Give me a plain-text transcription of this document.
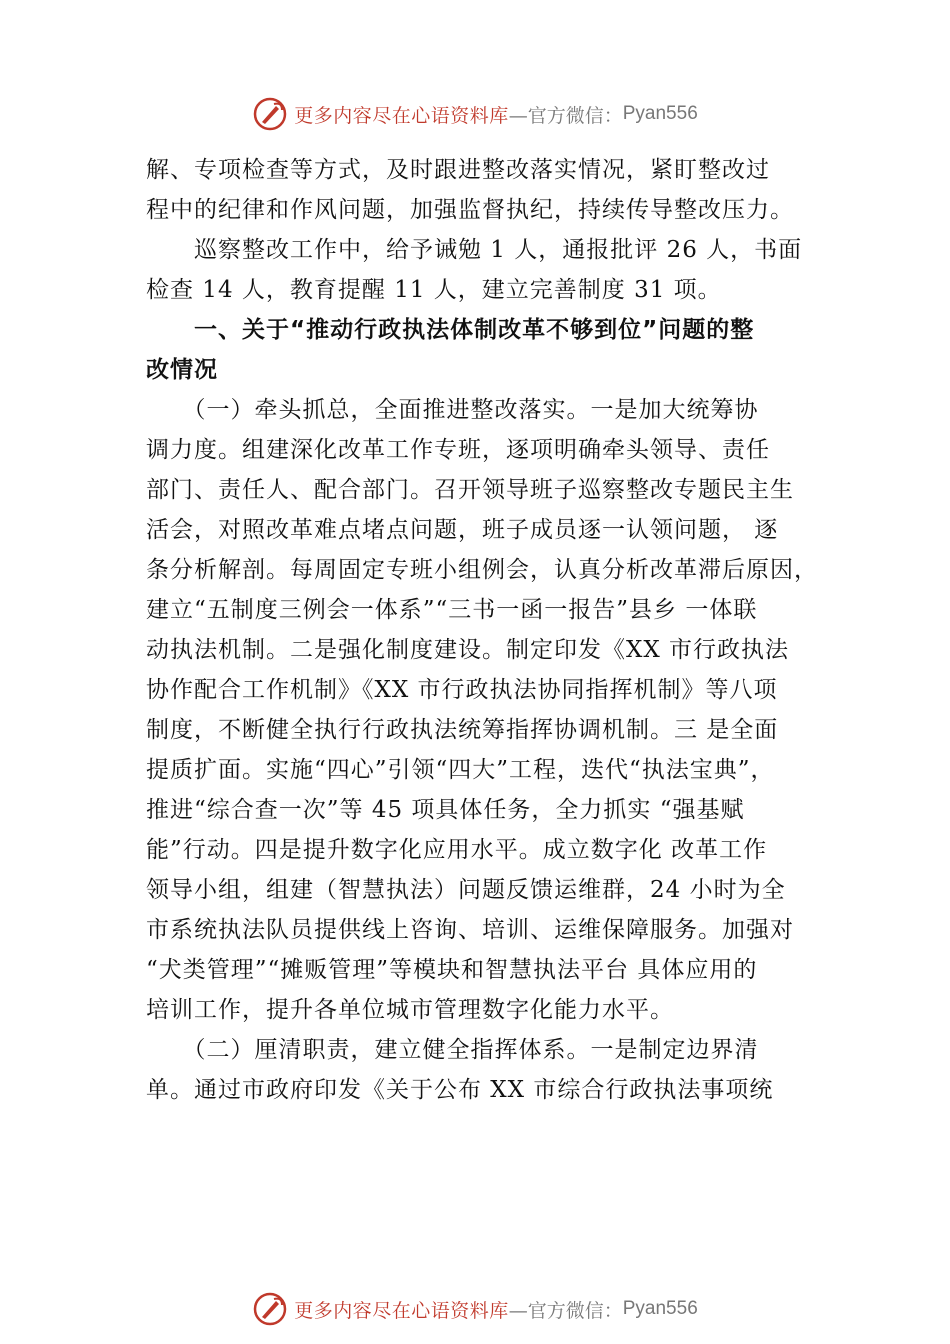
更多内容尽在心语资料库 —官方微信： Pyan556
解、专项检查等方式，及时跟进整改落实情况，紧盯整改过
程中的纪律和作风问题，加强监督执纪，持续传导整改压力。
　　巡察整改工作中，给予诫勉 1 人，通报批评 26 人，书面
检查 14 人，教育提醒 11 人，建立完善制度 31 项。
　　一、关于“推动行政执法体制改革不够到位”问题的整
改情况
　　（一）牵头抓总，全面推进整改落实。一是加大统筹协
调力度。组建深化改革工作专班，逐项明确牵头领导、责任
部门、责任人、配合部门。召开领导班子巡察整改专题民主生
活会，对照改革难点堵点问题，班子成员逐一认领问题， 逐
条分析解剖。每周固定专班小组例会，认真分析改革滞后原因，
建立“五制度三例会一体系”“三书一函一报告”县乡 一体联
动执法机制。二是强化制度建设。制定印发《XX 市行政执法
协作配合工作机制》《XX 市行政执法协同指挥机制》等八项
制度，不断健全执行行政执法统筹指挥协调机制。三 是全面
提质扩面。实施“四心”引领“四大”工程，迭代“执法宝典”，
推进“综合查一次”等 45 项具体任务，全力抓实 “强基赋
能”行动。四是提升数字化应用水平。成立数字化 改革工作
领导小组，组建（智慧执法）问题反馈运维群，24 小时为全
市系统执法队员提供线上咨询、培训、运维保障服务。加强对
“犬类管理”“摊贩管理”等模块和智慧执法平台 具体应用的
培训工作，提升各单位城市管理数字化能力水平。
　　（二）厘清职责，建立健全指挥体系。一是制定边界清
单。通过市政府印发《关于公布 XX 市综合行政执法事项统
更多内容尽在心语资料库 —官方微信： Pyan556
